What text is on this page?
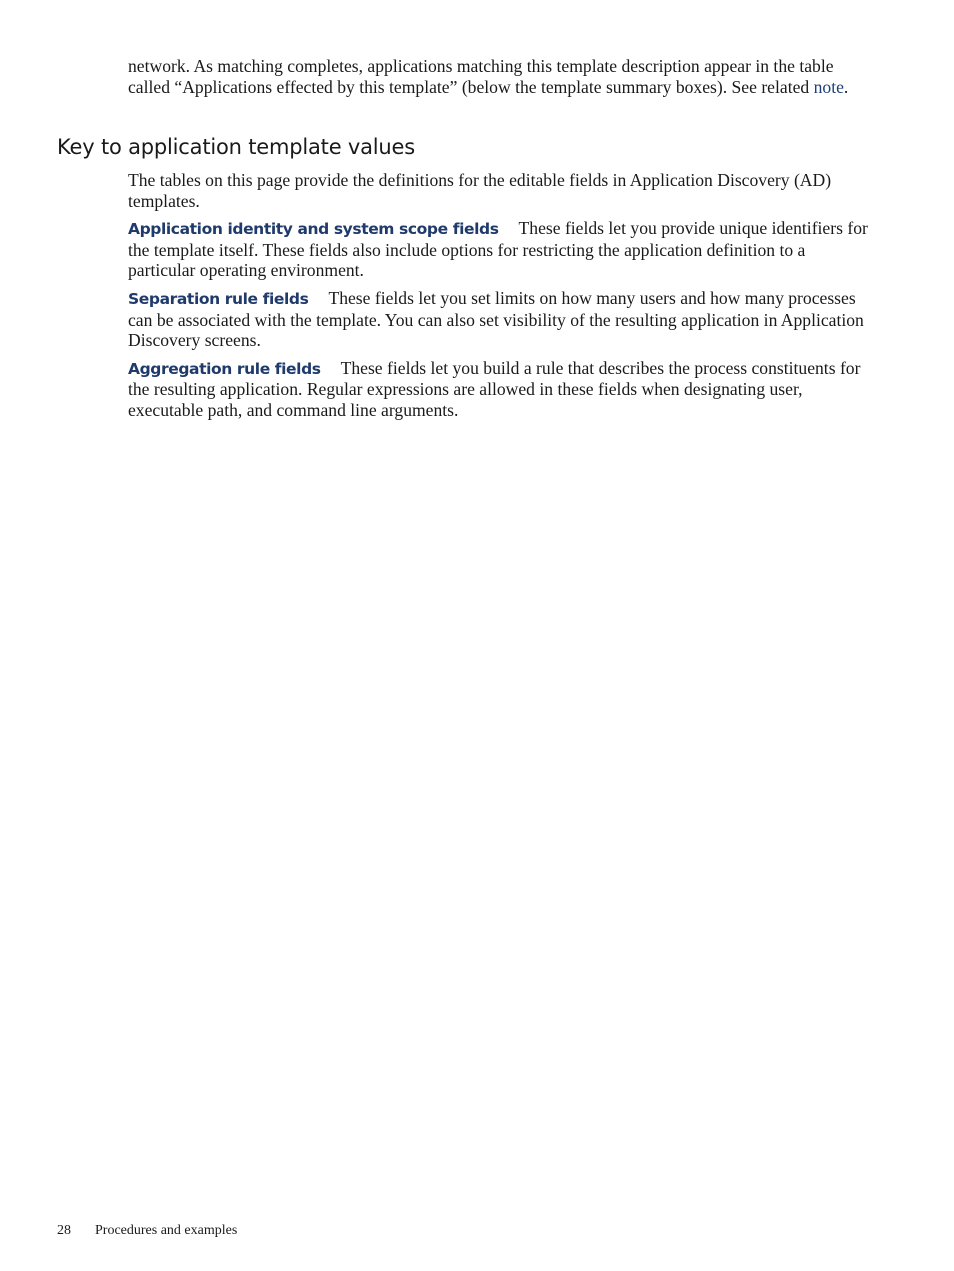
network. As matching completes, applications matching this template description appear in the table called “Applications effected by this template” (below the template summary boxes). See related note.

Key to application template values

The tables on this page provide the definitions for the editable fields in Application Discovery (AD) templates.

Application identity and system scope fields These fields let you provide unique identifiers for the template itself. These fields also include options for restricting the application definition to a particular operating environment.

Separation rule fields These fields let you set limits on how many users and how many processes can be associated with the template. You can also set visibility of the resulting application in Application Discovery screens.

Aggregation rule fields These fields let you build a rule that describes the process constituents for the resulting application. Regular expressions are allowed in these fields when designating user, executable path, and command line arguments.

28 Procedures and examples
